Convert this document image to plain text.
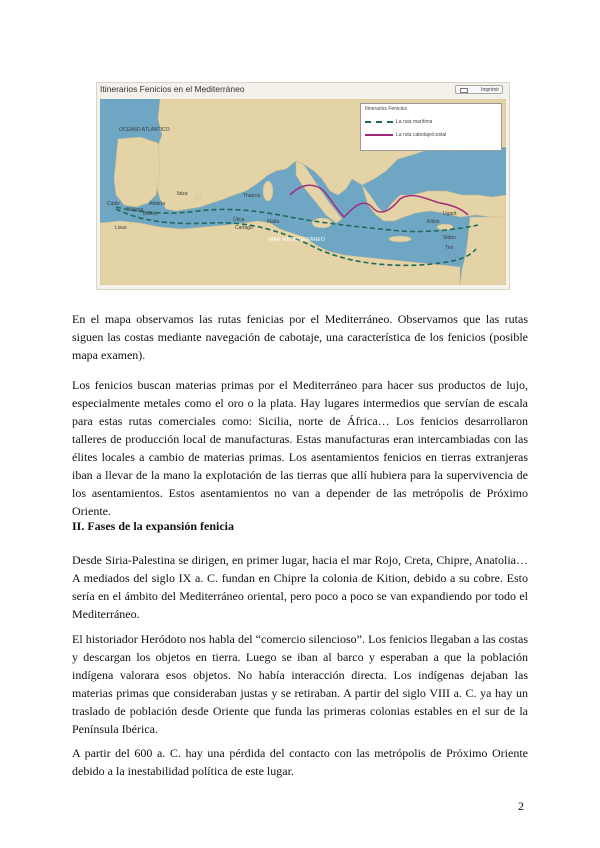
Itinerarios Fenicios en el Mediterráneo	Imprimir
Itinerarios Fenicios
La ruta marítima
La ruta cabotaje/costal
OCÉANO ATLÁNTICO
MAR MEDITERRÁNEO
Cádiz
Málaga
Abdera
(Adra)
Lixus
Ibiza	Tharros
Útica
Cartago
Malta	Kition
Ugarit
Sidón
Tiro

En el mapa observamos las rutas fenicias por el Mediterráneo. Observamos que las rutas siguen las costas mediante navegación de cabotaje, una característica de los fenicios (posible mapa examen).

Los fenicios buscan materias primas por el Mediterráneo para hacer sus productos de lujo, especialmente metales como el oro o la plata. Hay lugares intermedios que servían de escala para estas rutas comerciales como: Sicilia, norte de África… Los fenicios desarrollaron talleres de producción local de manufacturas. Estas manufacturas eran intercambiadas con las élites locales a cambio de materias primas. Los asentamientos fenicios en tierras extranjeras iban a llevar de la mano la explotación de las tierras que allí hubiera para la supervivencia de los asentamientos. Estos asentamientos no van a depender de las metrópolis de Próximo Oriente.

II. Fases de la expansión fenicia

Desde Siria-Palestina se dirigen, en primer lugar, hacia el mar Rojo, Creta, Chipre, Anatolia… A mediados del siglo IX a. C. fundan en Chipre la colonia de Kition, debido a su cobre. Esto sería en el ámbito del Mediterráneo oriental, pero poco a poco se van expandiendo por todo el Mediterráneo.

El historiador Heródoto nos habla del “comercio silencioso”. Los fenicios llegaban a las costas y descargan los objetos en tierra. Luego se iban al barco y esperaban a que la población indígena valorara esos objetos. No había interacción directa. Los indígenas dejaban las materias primas que consideraban justas y se retiraban. A partir del siglo VIII a. C. ya hay un traslado de población desde Oriente que funda las primeras colonias estables en el sur de la Península Ibérica.

A partir del 600 a. C. hay una pérdida del contacto con las metrópolis de Próximo Oriente debido a la inestabilidad política de este lugar.

2
